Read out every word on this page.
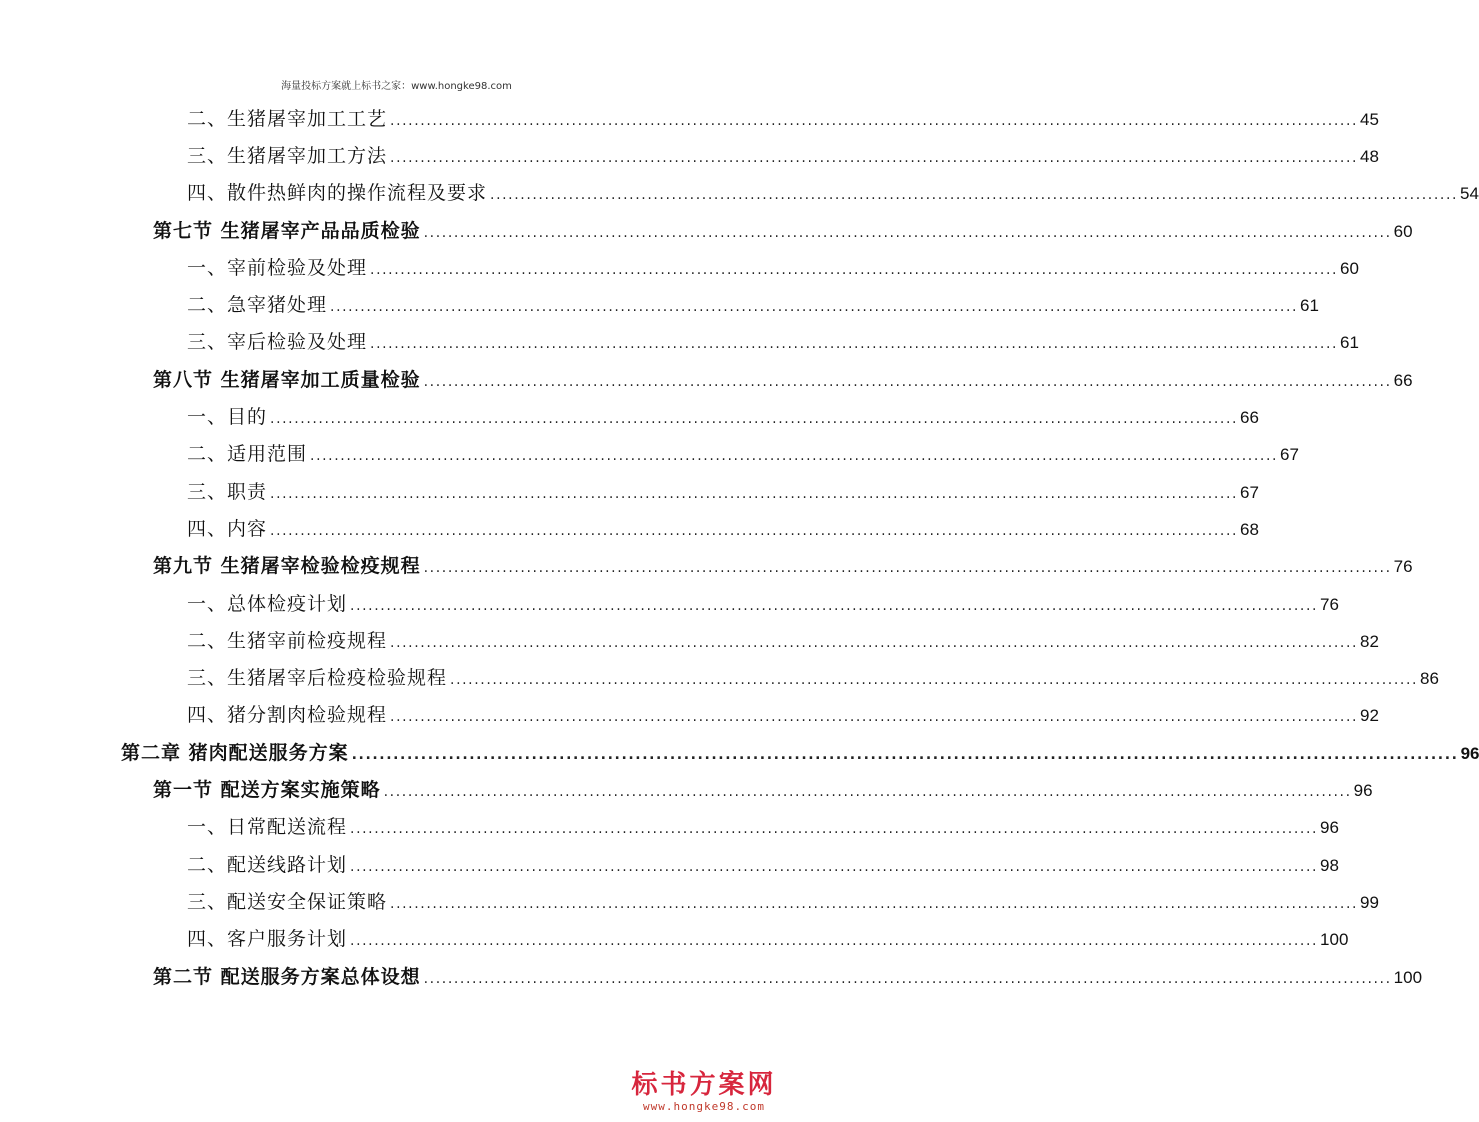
海量投标方案就上标书之家：www.hongke98.com
二、生猪屠宰加工工艺 ................................................................................................................................................................ 45
三、生猪屠宰加工方法 ................................................................................................................................................................ 48
四、散件热鲜肉的操作流程及要求 ................................................................................................................................................................ 54
第七节 生猪屠宰产品品质检验 ................................................................................................................................................................ 60
一、宰前检验及处理 ................................................................................................................................................................ 60
二、急宰猪处理 ................................................................................................................................................................ 61
三、宰后检验及处理 ................................................................................................................................................................ 61
第八节 生猪屠宰加工质量检验 ................................................................................................................................................................ 66
一、目的 ................................................................................................................................................................ 66
二、适用范围 ................................................................................................................................................................ 67
三、职责 ................................................................................................................................................................ 67
四、内容 ................................................................................................................................................................ 68
第九节 生猪屠宰检验检疫规程 ................................................................................................................................................................ 76
一、总体检疫计划 ................................................................................................................................................................ 76
二、生猪宰前检疫规程 ................................................................................................................................................................ 82
三、生猪屠宰后检疫检验规程 ................................................................................................................................................................ 86
四、猪分割肉检验规程 ................................................................................................................................................................ 92
第二章 猪肉配送服务方案 ................................................................................................................................................................ 96
第一节 配送方案实施策略 ................................................................................................................................................................ 96
一、日常配送流程 ................................................................................................................................................................ 96
二、配送线路计划 ................................................................................................................................................................ 98
三、配送安全保证策略 ................................................................................................................................................................ 99
四、客户服务计划 ................................................................................................................................................................ 100
第二节 配送服务方案总体设想 ................................................................................................................................................................ 100
标书方案网
www.hongke98.com
